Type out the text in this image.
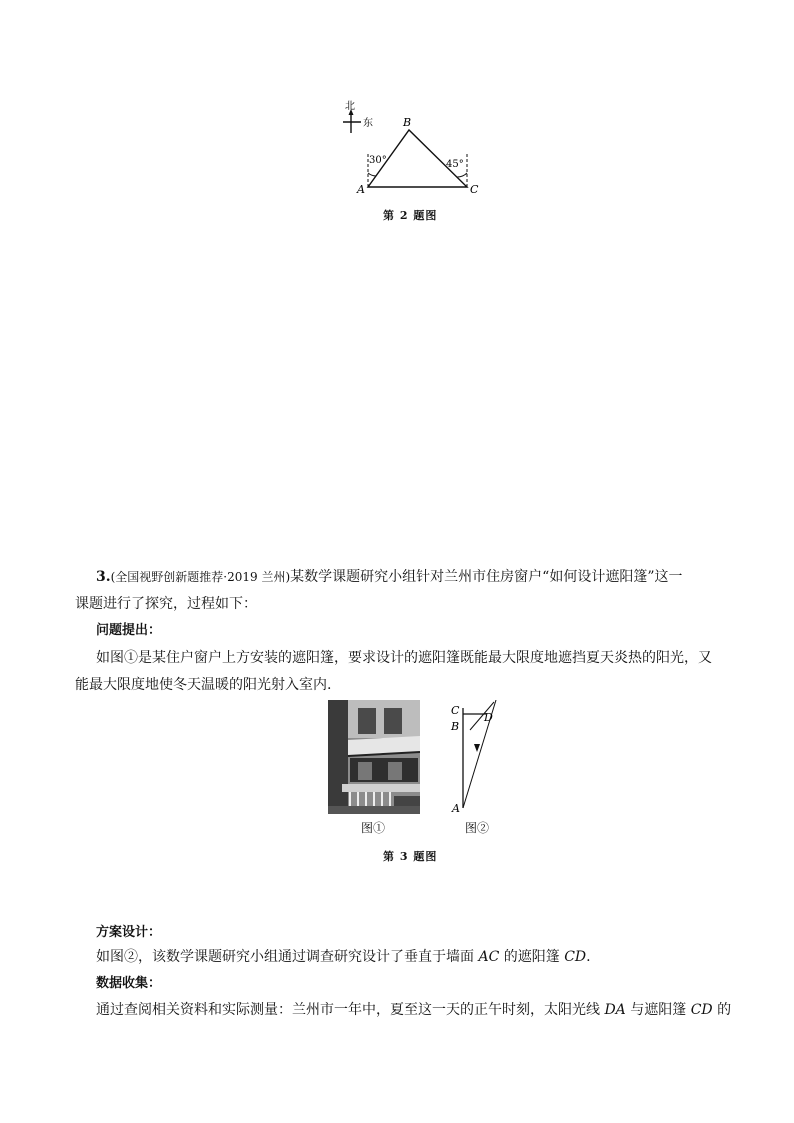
北
东
A
B
C
30°	45°
第 2 题图
3.(全国视野创新题推荐·2019 兰州)某数学课题研究小组针对兰州市住房窗户“如何设计遮阳篷”这一
课题进行了探究，过程如下：
问题提出：
如图①是某住户窗户上方安装的遮阳篷，要求设计的遮阳篷既能最大限度地遮挡夏天炎热的阳光，又
能最大限度地使冬天温暖的阳光射入室内.
C
B
D
A
图①	图②
第 3 题图
方案设计：
如图②，该数学课题研究小组通过调查研究设计了垂直于墙面 AC 的遮阳篷 CD.
数据收集：
通过查阅相关资料和实际测量：兰州市一年中，夏至这一天的正午时刻，太阳光线 DA 与遮阳篷 CD 的
